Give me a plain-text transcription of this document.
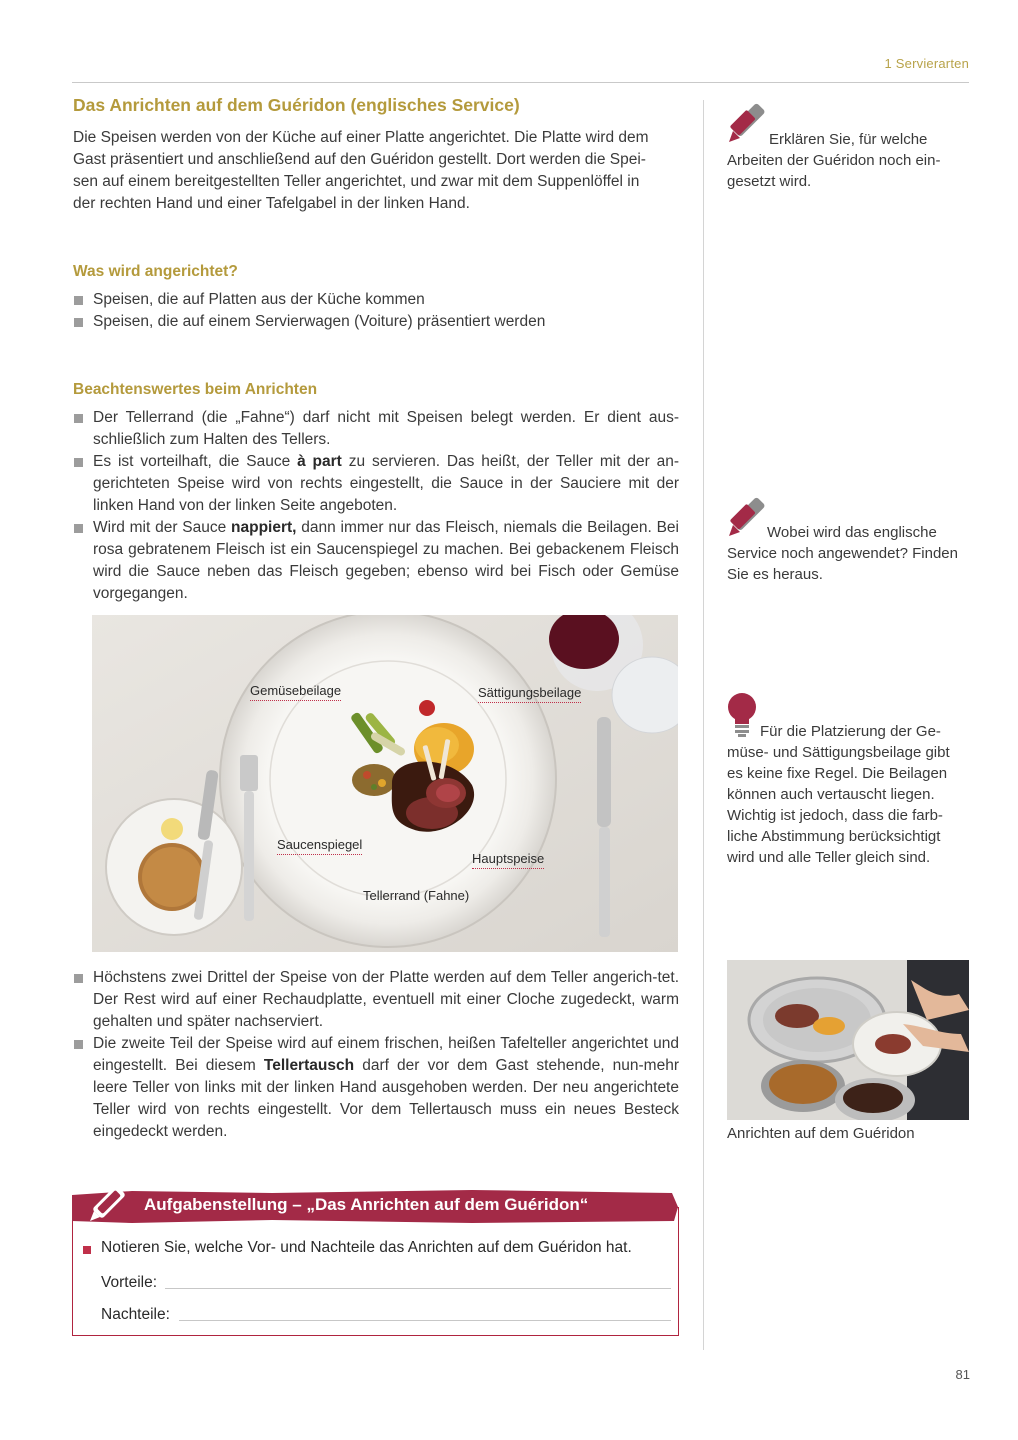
1 Servierarten
Das Anrichten auf dem Guéridon (englisches Service)
Die Speisen werden von der Küche auf einer Platte angerichtet. Die Platte wird dem
Gast präsentiert und anschließend auf den Guéridon gestellt. Dort werden die Spei-
sen auf einem bereitgestellten Teller angerichtet, und zwar mit dem Suppenlöffel in
der rechten Hand und einer Tafelgabel in der linken Hand.
Was wird angerichtet?
Speisen, die auf Platten aus der Küche kommen
Speisen, die auf einem Servierwagen (Voiture) präsentiert werden
Beachtenswertes beim Anrichten
Der Tellerrand (die „Fahne“) darf nicht mit Speisen belegt werden. Er dient aus-schließlich zum Halten des Tellers.
Es ist vorteilhaft, die Sauce à part zu servieren. Das heißt, der Teller mit der an-gerichteten Speise wird von rechts eingestellt, die Sauce in der Sauciere mit der linken Hand von der linken Seite angeboten.
Wird mit der Sauce nappiert, dann immer nur das Fleisch, niemals die Beilagen. Bei rosa gebratenem Fleisch ist ein Saucenspiegel zu machen. Bei gebackenem Fleisch wird die Sauce neben das Fleisch gegeben; ebenso wird bei Fisch oder Gemüse vorgegangen.
Gemüsebeilage	Sättigungsbeilage
Saucenspiegel
Hauptspeise
Tellerrand (Fahne)
Höchstens zwei Drittel der Speise von der Platte werden auf dem Teller angerich-tet. Der Rest wird auf einer Rechaudplatte, eventuell mit einer Cloche zugedeckt, warm gehalten und später nachserviert.
Die zweite Teil der Speise wird auf einem frischen, heißen Tafelteller angerichtet und eingestellt. Bei diesem Tellertausch darf der vor dem Gast stehende, nun-mehr leere Teller von links mit der linken Hand ausgehoben werden. Der neu angerichtete Teller wird von rechts eingestellt. Vor dem Tellertausch muss ein neues Besteck eingedeckt werden.
Notieren Sie, welche Vor- und Nachteile das Anrichten auf dem Guéridon hat.
Vorteile:
Nachteile:
Aufgabenstellung – „Das Anrichten auf dem Guéridon“
Erklären Sie, für welche Arbeiten der Guéridon noch ein-gesetzt wird.
Wobei wird das englische Service noch angewendet? Finden Sie es heraus.
Für die Platzierung der Ge-müse- und Sättigungsbeilage gibt es keine fixe Regel. Die Beilagen können auch vertauscht liegen. Wichtig ist jedoch, dass die farb-liche Abstimmung berücksichtigt wird und alle Teller gleich sind.
Anrichten auf dem Guéridon
81
